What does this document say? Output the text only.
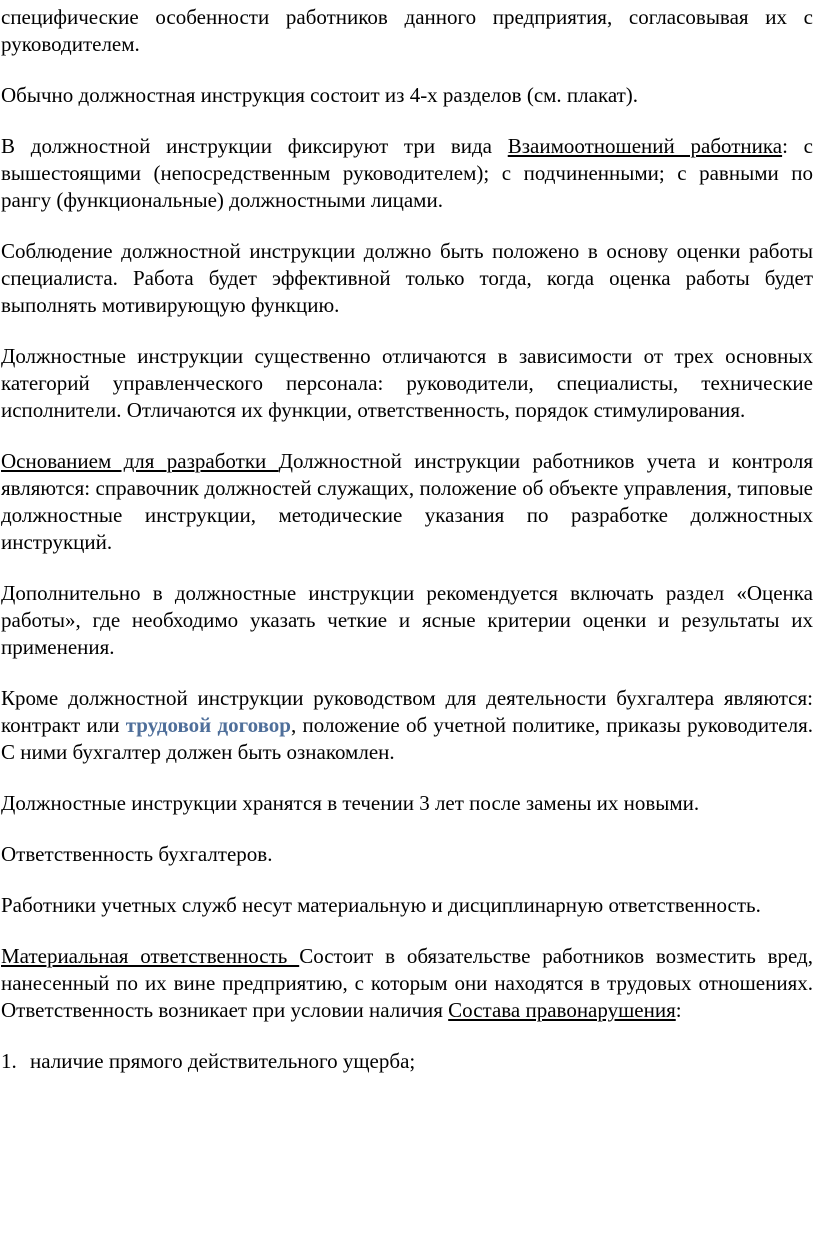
специфические особенности работников данного предприятия, согласовывая их с руководителем.

Обычно должностная инструкция состоит из 4-х разделов (см. плакат).

В должностной инструкции фиксируют три вида Взаимоотношений работника: с вышестоящими (непосредственным руководителем); с подчиненными; с равными по рангу (функциональные) должностными лицами.

Соблюдение должностной инструкции должно быть положено в основу оценки работы специалиста. Работа будет эффективной только тогда, когда оценка работы будет выполнять мотивирующую функцию.

Должностные инструкции существенно отличаются в зависимости от трех основных категорий управленческого персонала: руководители, специалисты, технические исполнители. Отличаются их функции, ответственность, порядок стимулирования.

Основанием для разработки Должностной инструкции работников учета и контроля являются: справочник должностей служащих, положение об объекте управления, типовые должностные инструкции, методические указания по разработке должностных инструкций.

Дополнительно в должностные инструкции рекомендуется включать раздел «Оценка работы», где необходимо указать четкие и ясные критерии оценки и результаты их применения.

Кроме должностной инструкции руководством для деятельности бухгалтера являются: контракт или трудовой договор, положение об учетной политике, приказы руководителя. С ними бухгалтер должен быть ознакомлен.

Должностные инструкции хранятся в течении 3 лет после замены их новыми.

Ответственность бухгалтеров.

Работники учетных служб несут материальную и дисциплинарную ответственность.

Материальная ответственность Состоит в обязательстве работников возместить вред, нанесенный по их вине предприятию, с которым они находятся в трудовых отношениях. Ответственность возникает при условии наличия Состава правонарушения:

1. наличие прямого действительного ущерба;
